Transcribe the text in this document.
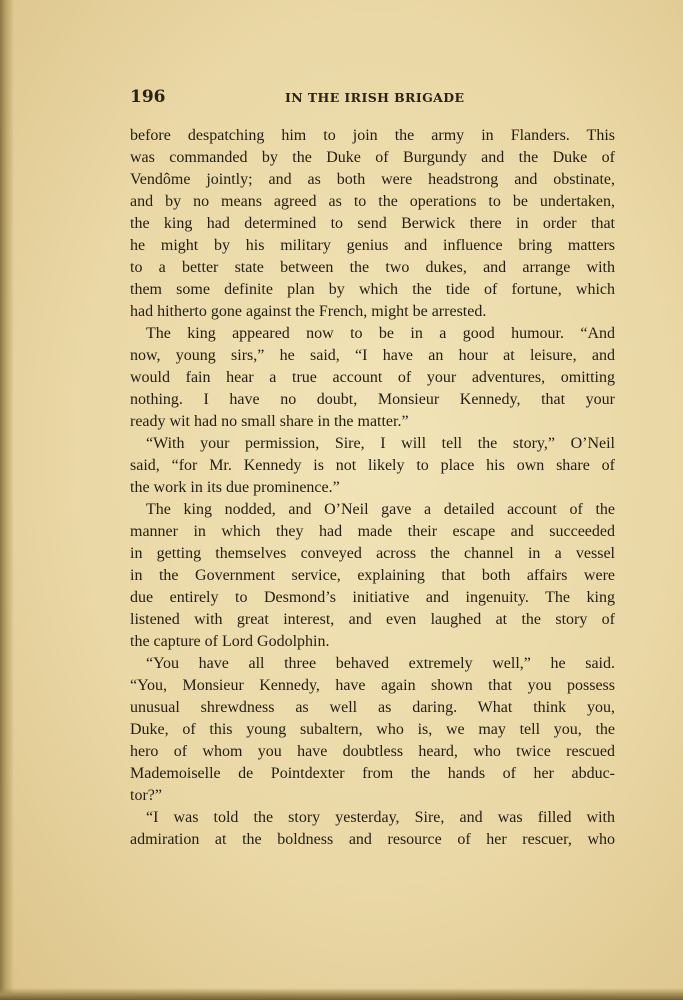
196	IN THE IRISH BRIGADE
before despatching him to join the army in Flanders. This
was commanded by the Duke of Burgundy and the Duke of
Vendôme jointly; and as both were headstrong and obstinate,
and by no means agreed as to the operations to be undertaken,
the king had determined to send Berwick there in order that
he might by his military genius and influence bring matters
to a better state between the two dukes, and arrange with
them some definite plan by which the tide of fortune, which
had hitherto gone against the French, might be arrested.
The king appeared now to be in a good humour. “And
now, young sirs,” he said, “I have an hour at leisure, and
would fain hear a true account of your adventures, omitting
nothing. I have no doubt, Monsieur Kennedy, that your
ready wit had no small share in the matter.”
“With your permission, Sire, I will tell the story,” O’Neil
said, “for Mr. Kennedy is not likely to place his own share of
the work in its due prominence.”
The king nodded, and O’Neil gave a detailed account of the
manner in which they had made their escape and succeeded
in getting themselves conveyed across the channel in a vessel
in the Government service, explaining that both affairs were
due entirely to Desmond’s initiative and ingenuity. The king
listened with great interest, and even laughed at the story of
the capture of Lord Godolphin.
“You have all three behaved extremely well,” he said.
“You, Monsieur Kennedy, have again shown that you possess
unusual shrewdness as well as daring. What think you,
Duke, of this young subaltern, who is, we may tell you, the
hero of whom you have doubtless heard, who twice rescued
Mademoiselle de Pointdexter from the hands of her abduc-
tor?”
“I was told the story yesterday, Sire, and was filled with
admiration at the boldness and resource of her rescuer, who
